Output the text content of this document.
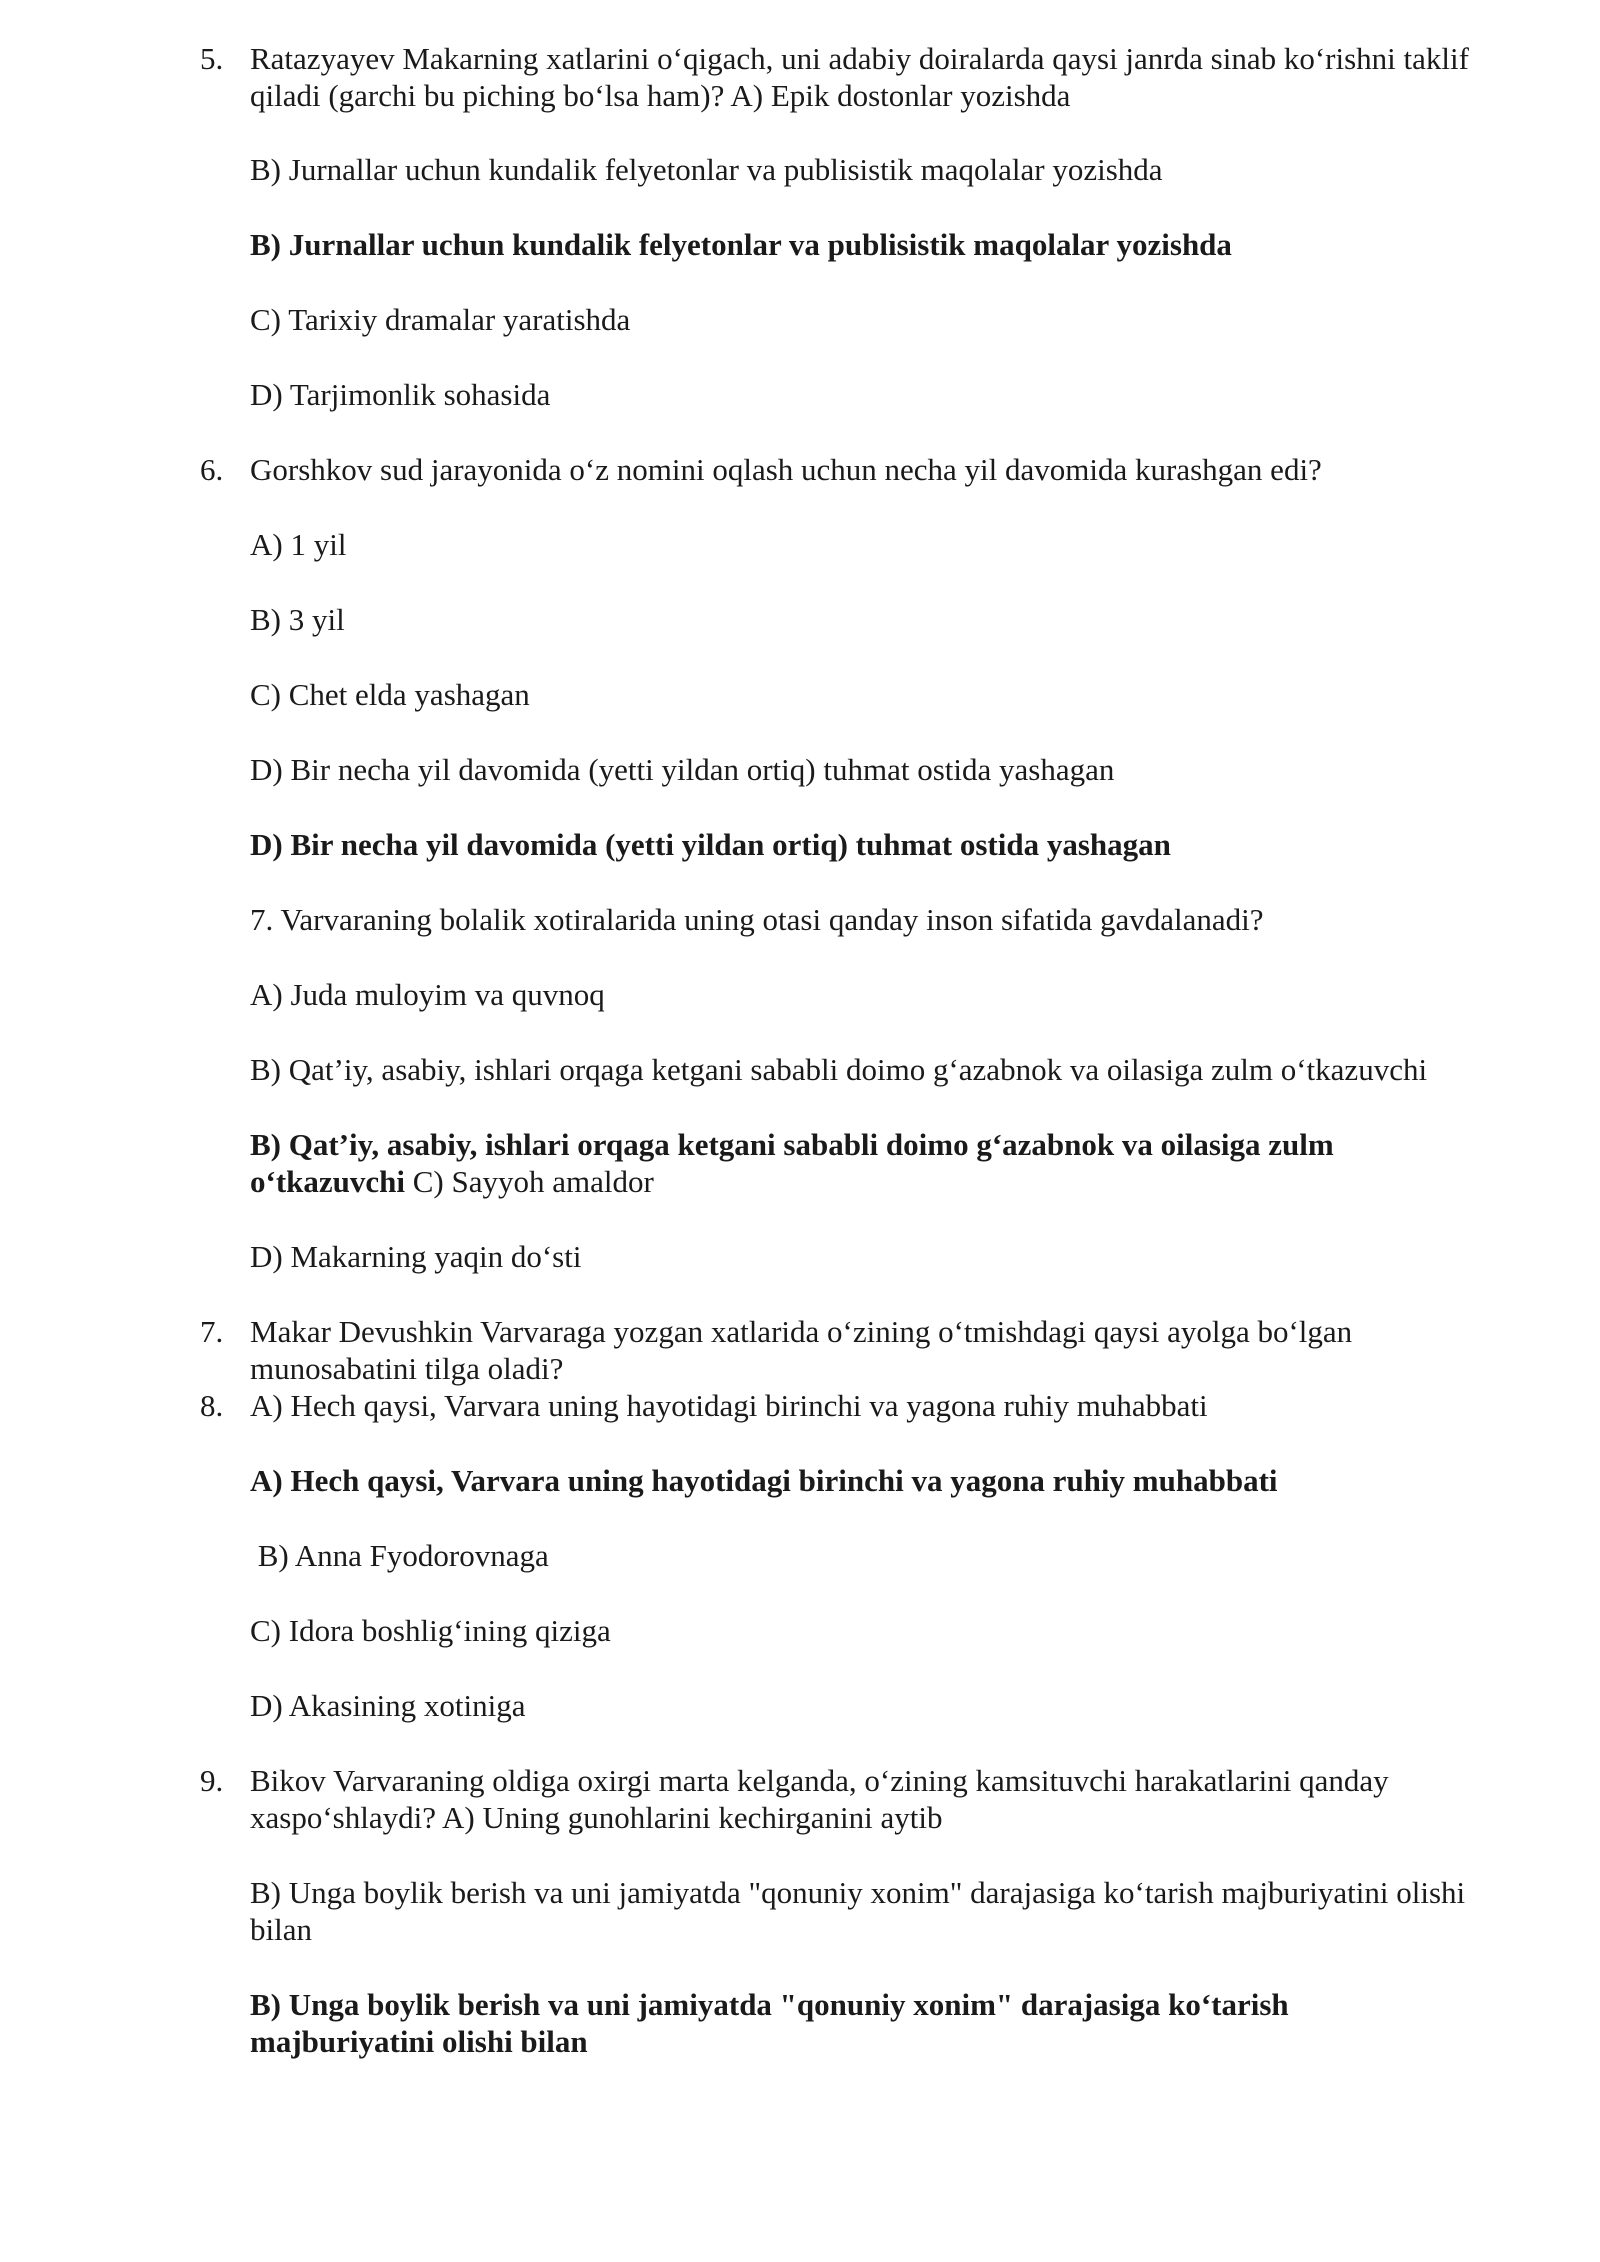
5. Ratazyayev Makarning xatlarini o‘qigach, uni adabiy doiralarda qaysi janrda sinab ko‘rishni taklif qiladi (garchi bu piching bo‘lsa ham)? A) Epik dostonlar yozishda
B) Jurnallar uchun kundalik felyetonlar va publisistik maqolalar yozishda
B) Jurnallar uchun kundalik felyetonlar va publisistik maqolalar yozishda
C) Tarixiy dramalar yaratishda
D) Tarjimonlik sohasida
6. Gorshkov sud jarayonida o‘z nomini oqlash uchun necha yil davomida kurashgan edi?
A) 1 yil
B) 3 yil
C) Chet elda yashagan
D) Bir necha yil davomida (yetti yildan ortiq) tuhmat ostida yashagan
D) Bir necha yil davomida (yetti yildan ortiq) tuhmat ostida yashagan
7. Varvaraning bolalik xotiralarida uning otasi qanday inson sifatida gavdalanadi?
A) Juda muloyim va quvnoq
B) Qat’iy, asabiy, ishlari orqaga ketgani sababli doimo g‘azabnok va oilasiga zulm o‘tkazuvchi
B) Qat’iy, asabiy, ishlari orqaga ketgani sababli doimo g‘azabnok va oilasiga zulm
o‘tkazuvchi C) Sayyoh amaldor
D) Makarning yaqin do‘sti
7. Makar Devushkin Varvaraga yozgan xatlarida o‘zining o‘tmishdagi qaysi ayolga bo‘lgan munosabatini tilga oladi?
8. A) Hech qaysi, Varvara uning hayotidagi birinchi va yagona ruhiy muhabbati
A) Hech qaysi, Varvara uning hayotidagi birinchi va yagona ruhiy muhabbati
B) Anna Fyodorovnaga
C) Idora boshlig‘ining qiziga
D) Akasining xotiniga
9. Bikov Varvaraning oldiga oxirgi marta kelganda, o‘zining kamsituvchi harakatlarini qanday xaspo‘shlaydi? A) Uning gunohlarini kechirganini aytib
B) Unga boylik berish va uni jamiyatda "qonuniy xonim" darajasiga ko‘tarish majburiyatini olishi bilan
B) Unga boylik berish va uni jamiyatda "qonuniy xonim" darajasiga ko‘tarish majburiyatini olishi bilan
